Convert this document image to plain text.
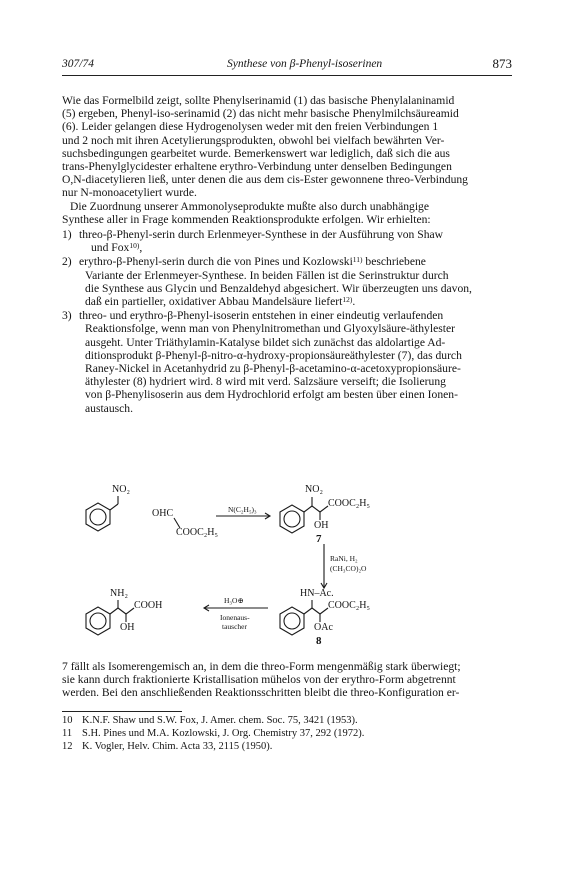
307/74	Synthese von β-Phenyl-isoserinen	873

Wie das Formelbild zeigt, sollte Phenylserinamid (1) das basische Phenylalaninamid

(5) ergeben, Phenyl-iso-serinamid (2) das nicht mehr basische Phenylmilchsäureamid

(6). Leider gelangen diese Hydrogenolysen weder mit den freien Verbindungen 1

und 2 noch mit ihren Acetylierungsprodukten, obwohl bei vielfach bewährten Ver-

suchsbedingungen gearbeitet wurde. Bemerkenswert war lediglich, daß sich die aus

trans-Phenylglycidester erhaltene erythro-Verbindung unter denselben Bedingungen

O,N-diacetylieren ließ, unter denen die aus dem cis-Ester gewonnene threo-Verbindung

nur N-monoacetyliert wurde.

Die Zuordnung unserer Ammonolyseprodukte mußte also durch unabhängige

Synthese aller in Frage kommenden Reaktionsprodukte erfolgen. Wir erhielten:

1) threo-β-Phenyl-serin durch Erlenmeyer-Synthese in der Ausführung von Shaw

und Fox$^{10)}$,

2) erythro-β-Phenyl-serin durch die von Pines und Kozlowski$^{11)}$ beschriebene

Variante der Erlenmeyer-Synthese. In beiden Fällen ist die Serinstruktur durch

die Synthese aus Glycin und Benzaldehyd abgesichert. Wir überzeugten uns davon,

daß ein partieller, oxidativer Abbau Mandelsäure liefert$^{12)}$.

3) threo- und erythro-β-Phenyl-isoserin entstehen in einer eindeutig verlaufenden

Reaktionsfolge, wenn man von Phenylnitromethan und Glyoxylsäure-äthylester

ausgeht. Unter Triäthylamin-Katalyse bildet sich zunächst das aldolartige Ad-

ditionsprodukt β-Phenyl-β-nitro-α-hydroxy-propionsäureäthylester (7), das durch

Raney-Nickel in Acetanhydrid zu β-Phenyl-β-acetamino-α-acetoxypropionsäure-

äthylester (8) hydriert wird. 8 wird mit verd. Salzsäure verseift; die Isolierung

von β-Phenylisoserin aus dem Hydrochlorid erfolgt am besten über einen Ionen-

austausch.

NO₂
OHC
COOC₂H₅
N(C₂H₅)₃
NO₂
COOC₂H₅
OH
7
RaNi, H₂
(CH₃CO)₂O
NH₂
COOH
OH
H₃O⊕
Ionenaus-
tauscher
HN–Ac.
COOC₂H₅
OAc
8

7 fällt als Isomerengemisch an, in dem die threo-Form mengenmäßig stark überwiegt;

sie kann durch fraktionierte Kristallisation mühelos von der erythro-Form abgetrennt

werden. Bei den anschließenden Reaktionsschritten bleibt die threo-Konfiguration er-

10 K.N.F. Shaw und S.W. Fox, J. Amer. chem. Soc. 75, 3421 (1953).
11 S.H. Pines und M.A. Kozlowski, J. Org. Chemistry 37, 292 (1972).
12 K. Vogler, Helv. Chim. Acta 33, 2115 (1950).
